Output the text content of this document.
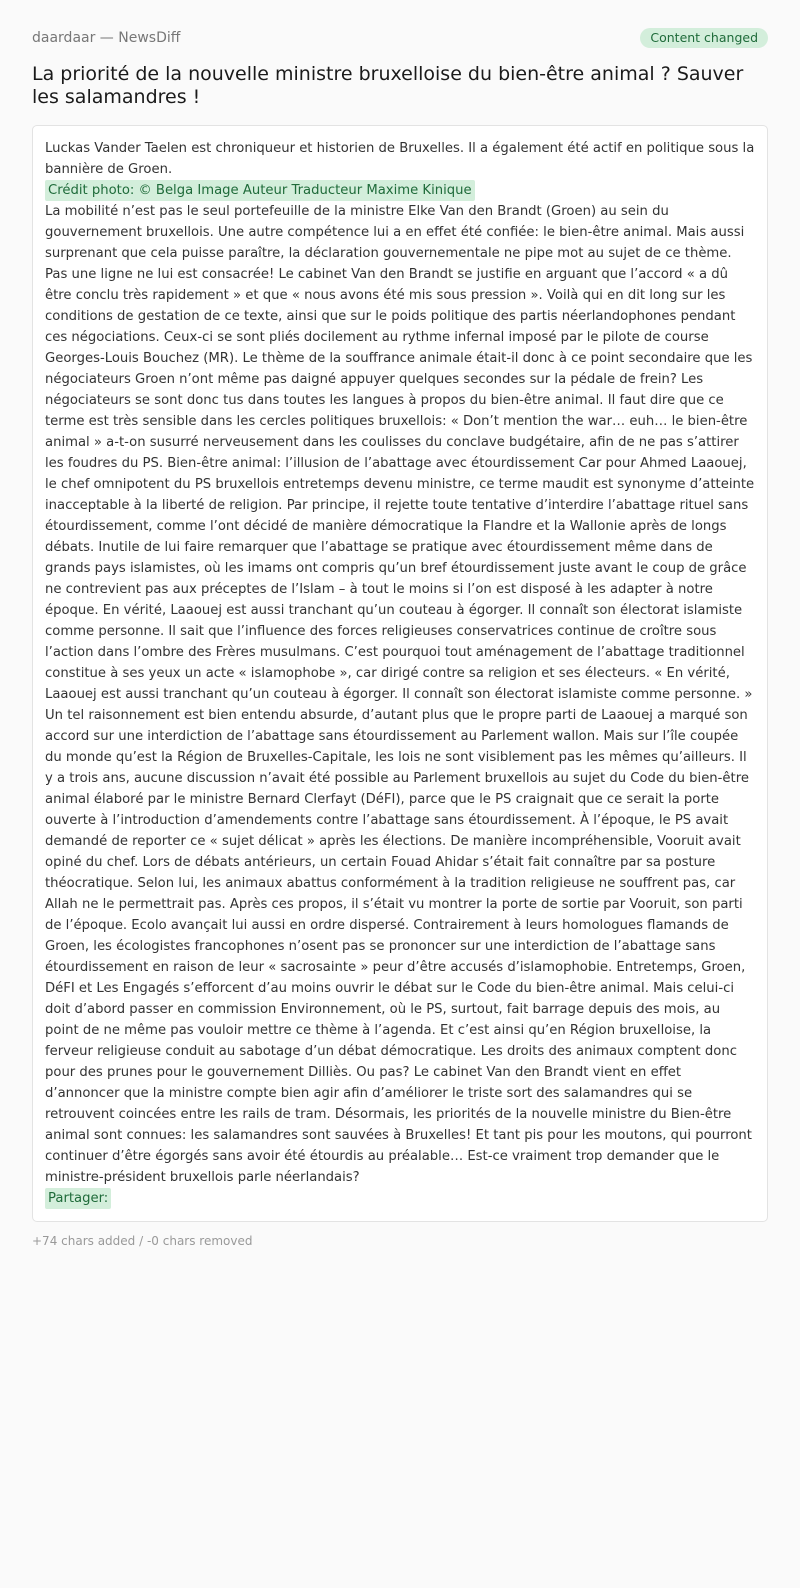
daardaar — NewsDiff	Content changed
La priorité de la nouvelle ministre bruxelloise du bien-être animal ? Sauver les salamandres !

Luckas Vander Taelen est chroniqueur et historien de Bruxelles. Il a également été actif en politique sous la bannière de Groen.

Crédit photo: © Belga Image Auteur Traducteur Maxime Kinique

La mobilité n’est pas le seul portefeuille de la ministre Elke Van den Brandt (Groen) au sein du gouvernement bruxellois. Une autre compétence lui a en effet été confiée: le bien-être animal. Mais aussi surprenant que cela puisse paraître, la déclaration gouvernementale ne pipe mot au sujet de ce thème. Pas une ligne ne lui est consacrée! Le cabinet Van den Brandt se justifie en arguant que l’accord « a dû être conclu très rapidement » et que « nous avons été mis sous pression ». Voilà qui en dit long sur les conditions de gestation de ce texte, ainsi que sur le poids politique des partis néerlandophones pendant ces négociations. Ceux-ci se sont pliés docilement au rythme infernal imposé par le pilote de course Georges-Louis Bouchez (MR). Le thème de la souffrance animale était-il donc à ce point secondaire que les négociateurs Groen n’ont même pas daigné appuyer quelques secondes sur la pédale de frein? Les négociateurs se sont donc tus dans toutes les langues à propos du bien-être animal. Il faut dire que ce terme est très sensible dans les cercles politiques bruxellois: « Don’t mention the war… euh… le bien-être animal » a-t-on susurré nerveusement dans les coulisses du conclave budgétaire, afin de ne pas s’attirer les foudres du PS. Bien-être animal: l’illusion de l’abattage avec étourdissement Car pour Ahmed Laaouej, le chef omnipotent du PS bruxellois entretemps devenu ministre, ce terme maudit est synonyme d’atteinte inacceptable à la liberté de religion. Par principe, il rejette toute tentative d’interdire l’abattage rituel sans étourdissement, comme l’ont décidé de manière démocratique la Flandre et la Wallonie après de longs débats. Inutile de lui faire remarquer que l’abattage se pratique avec étourdissement même dans de grands pays islamistes, où les imams ont compris qu’un bref étourdissement juste avant le coup de grâce ne contrevient pas aux préceptes de l’Islam – à tout le moins si l’on est disposé à les adapter à notre époque. En vérité, Laaouej est aussi tranchant qu’un couteau à égorger. Il connaît son électorat islamiste comme personne. Il sait que l’influence des forces religieuses conservatrices continue de croître sous l’action dans l’ombre des Frères musulmans. C’est pourquoi tout aménagement de l’abattage traditionnel constitue à ses yeux un acte « islamophobe », car dirigé contre sa religion et ses électeurs. « En vérité, Laaouej est aussi tranchant qu’un couteau à égorger. Il connaît son électorat islamiste comme personne. » Un tel raisonnement est bien entendu absurde, d’autant plus que le propre parti de Laaouej a marqué son accord sur une interdiction de l’abattage sans étourdissement au Parlement wallon. Mais sur l’île coupée du monde qu’est la Région de Bruxelles-Capitale, les lois ne sont visiblement pas les mêmes qu’ailleurs. Il y a trois ans, aucune discussion n’avait été possible au Parlement bruxellois au sujet du Code du bien-être animal élaboré par le ministre Bernard Clerfayt (DéFI), parce que le PS craignait que ce serait la porte ouverte à l’introduction d’amendements contre l’abattage sans étourdissement. À l’époque, le PS avait demandé de reporter ce « sujet délicat » après les élections. De manière incompréhensible, Vooruit avait opiné du chef. Lors de débats antérieurs, un certain Fouad Ahidar s’était fait connaître par sa posture théocratique. Selon lui, les animaux abattus conformément à la tradition religieuse ne souffrent pas, car Allah ne le permettrait pas. Après ces propos, il s’était vu montrer la porte de sortie par Vooruit, son parti de l’époque. Ecolo avançait lui aussi en ordre dispersé. Contrairement à leurs homologues flamands de Groen, les écologistes francophones n’osent pas se prononcer sur une interdiction de l’abattage sans étourdissement en raison de leur « sacrosainte » peur d’être accusés d’islamophobie. Entretemps, Groen, DéFI et Les Engagés s’efforcent d’au moins ouvrir le débat sur le Code du bien-être animal. Mais celui-ci doit d’abord passer en commission Environnement, où le PS, surtout, fait barrage depuis des mois, au point de ne même pas vouloir mettre ce thème à l’agenda. Et c’est ainsi qu’en Région bruxelloise, la ferveur religieuse conduit au sabotage d’un débat démocratique. Les droits des animaux comptent donc pour des prunes pour le gouvernement Dilliès. Ou pas? Le cabinet Van den Brandt vient en effet d’annoncer que la ministre compte bien agir afin d’améliorer le triste sort des salamandres qui se retrouvent coincées entre les rails de tram. Désormais, les priorités de la nouvelle ministre du Bien-être animal sont connues: les salamandres sont sauvées à Bruxelles! Et tant pis pour les moutons, qui pourront continuer d’être égorgés sans avoir été étourdis au préalable… Est-ce vraiment trop demander que le ministre-président bruxellois parle néerlandais?

Partager:
+74 chars added / -0 chars removed
